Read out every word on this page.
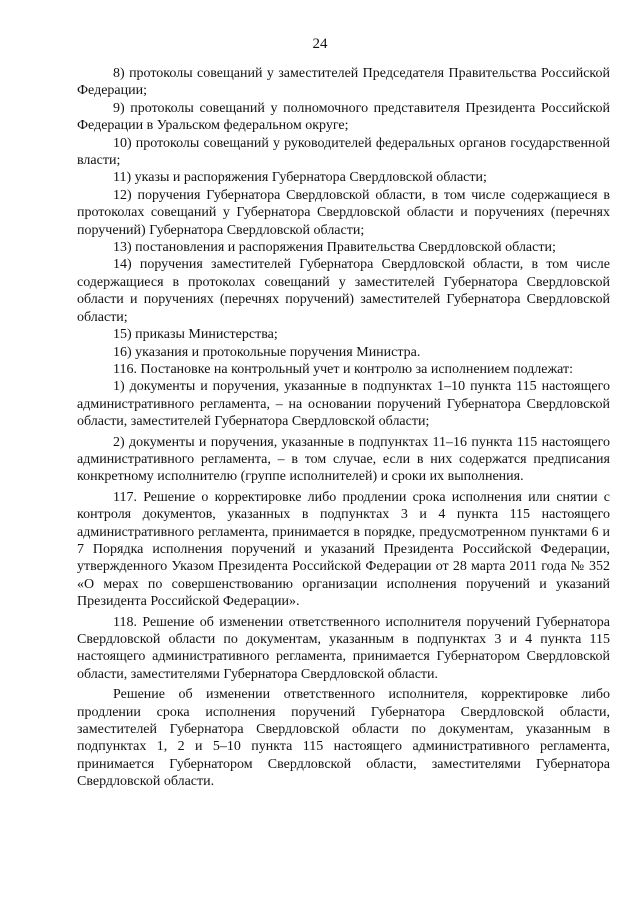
24

8) протоколы совещаний у заместителей Председателя Правительства Российской Федерации;

9) протоколы совещаний у полномочного представителя Президента Российской Федерации в Уральском федеральном округе;

10) протоколы совещаний у руководителей федеральных органов государственной власти;

11) указы и распоряжения Губернатора Свердловской области;

12) поручения Губернатора Свердловской области, в том числе содержащиеся в протоколах совещаний у Губернатора Свердловской области и поручениях (перечнях поручений) Губернатора Свердловской области;

13) постановления и распоряжения Правительства Свердловской области;

14) поручения заместителей Губернатора Свердловской области, в том числе содержащиеся в протоколах совещаний у заместителей Губернатора Свердловской области и поручениях (перечнях поручений) заместителей Губернатора Свердловской области;

15) приказы Министерства;

16) указания и протокольные поручения Министра.

116. Постановке на контрольный учет и контролю за исполнением подлежат:

1) документы и поручения, указанные в подпунктах 1–10 пункта 115 настоящего административного регламента, – на основании поручений Губернатора Свердловской области, заместителей Губернатора Свердловской области;

2) документы и поручения, указанные в подпунктах 11–16 пункта 115 настоящего административного регламента, – в том случае, если в них содержатся предписания конкретному исполнителю (группе исполнителей) и сроки их выполнения.

117. Решение о корректировке либо продлении срока исполнения или снятии с контроля документов, указанных в подпунктах 3 и 4 пункта 115 настоящего административного регламента, принимается в порядке, предусмотренном пунктами 6 и 7 Порядка исполнения поручений и указаний Президента Российской Федерации, утвержденного Указом Президента Российской Федерации от 28 марта 2011 года № 352 «О мерах по совершенствованию организации исполнения поручений и указаний Президента Российской Федерации».

118. Решение об изменении ответственного исполнителя поручений Губернатора Свердловской области по документам, указанным в подпунктах 3 и 4 пункта 115 настоящего административного регламента, принимается Губернатором Свердловской области, заместителями Губернатора Свердловской области.

Решение об изменении ответственного исполнителя, корректировке либо продлении срока исполнения поручений Губернатора Свердловской области, заместителей Губернатора Свердловской области по документам, указанным в подпунктах 1, 2 и 5–10 пункта 115 настоящего административного регламента, принимается Губернатором Свердловской области, заместителями Губернатора Свердловской области.
